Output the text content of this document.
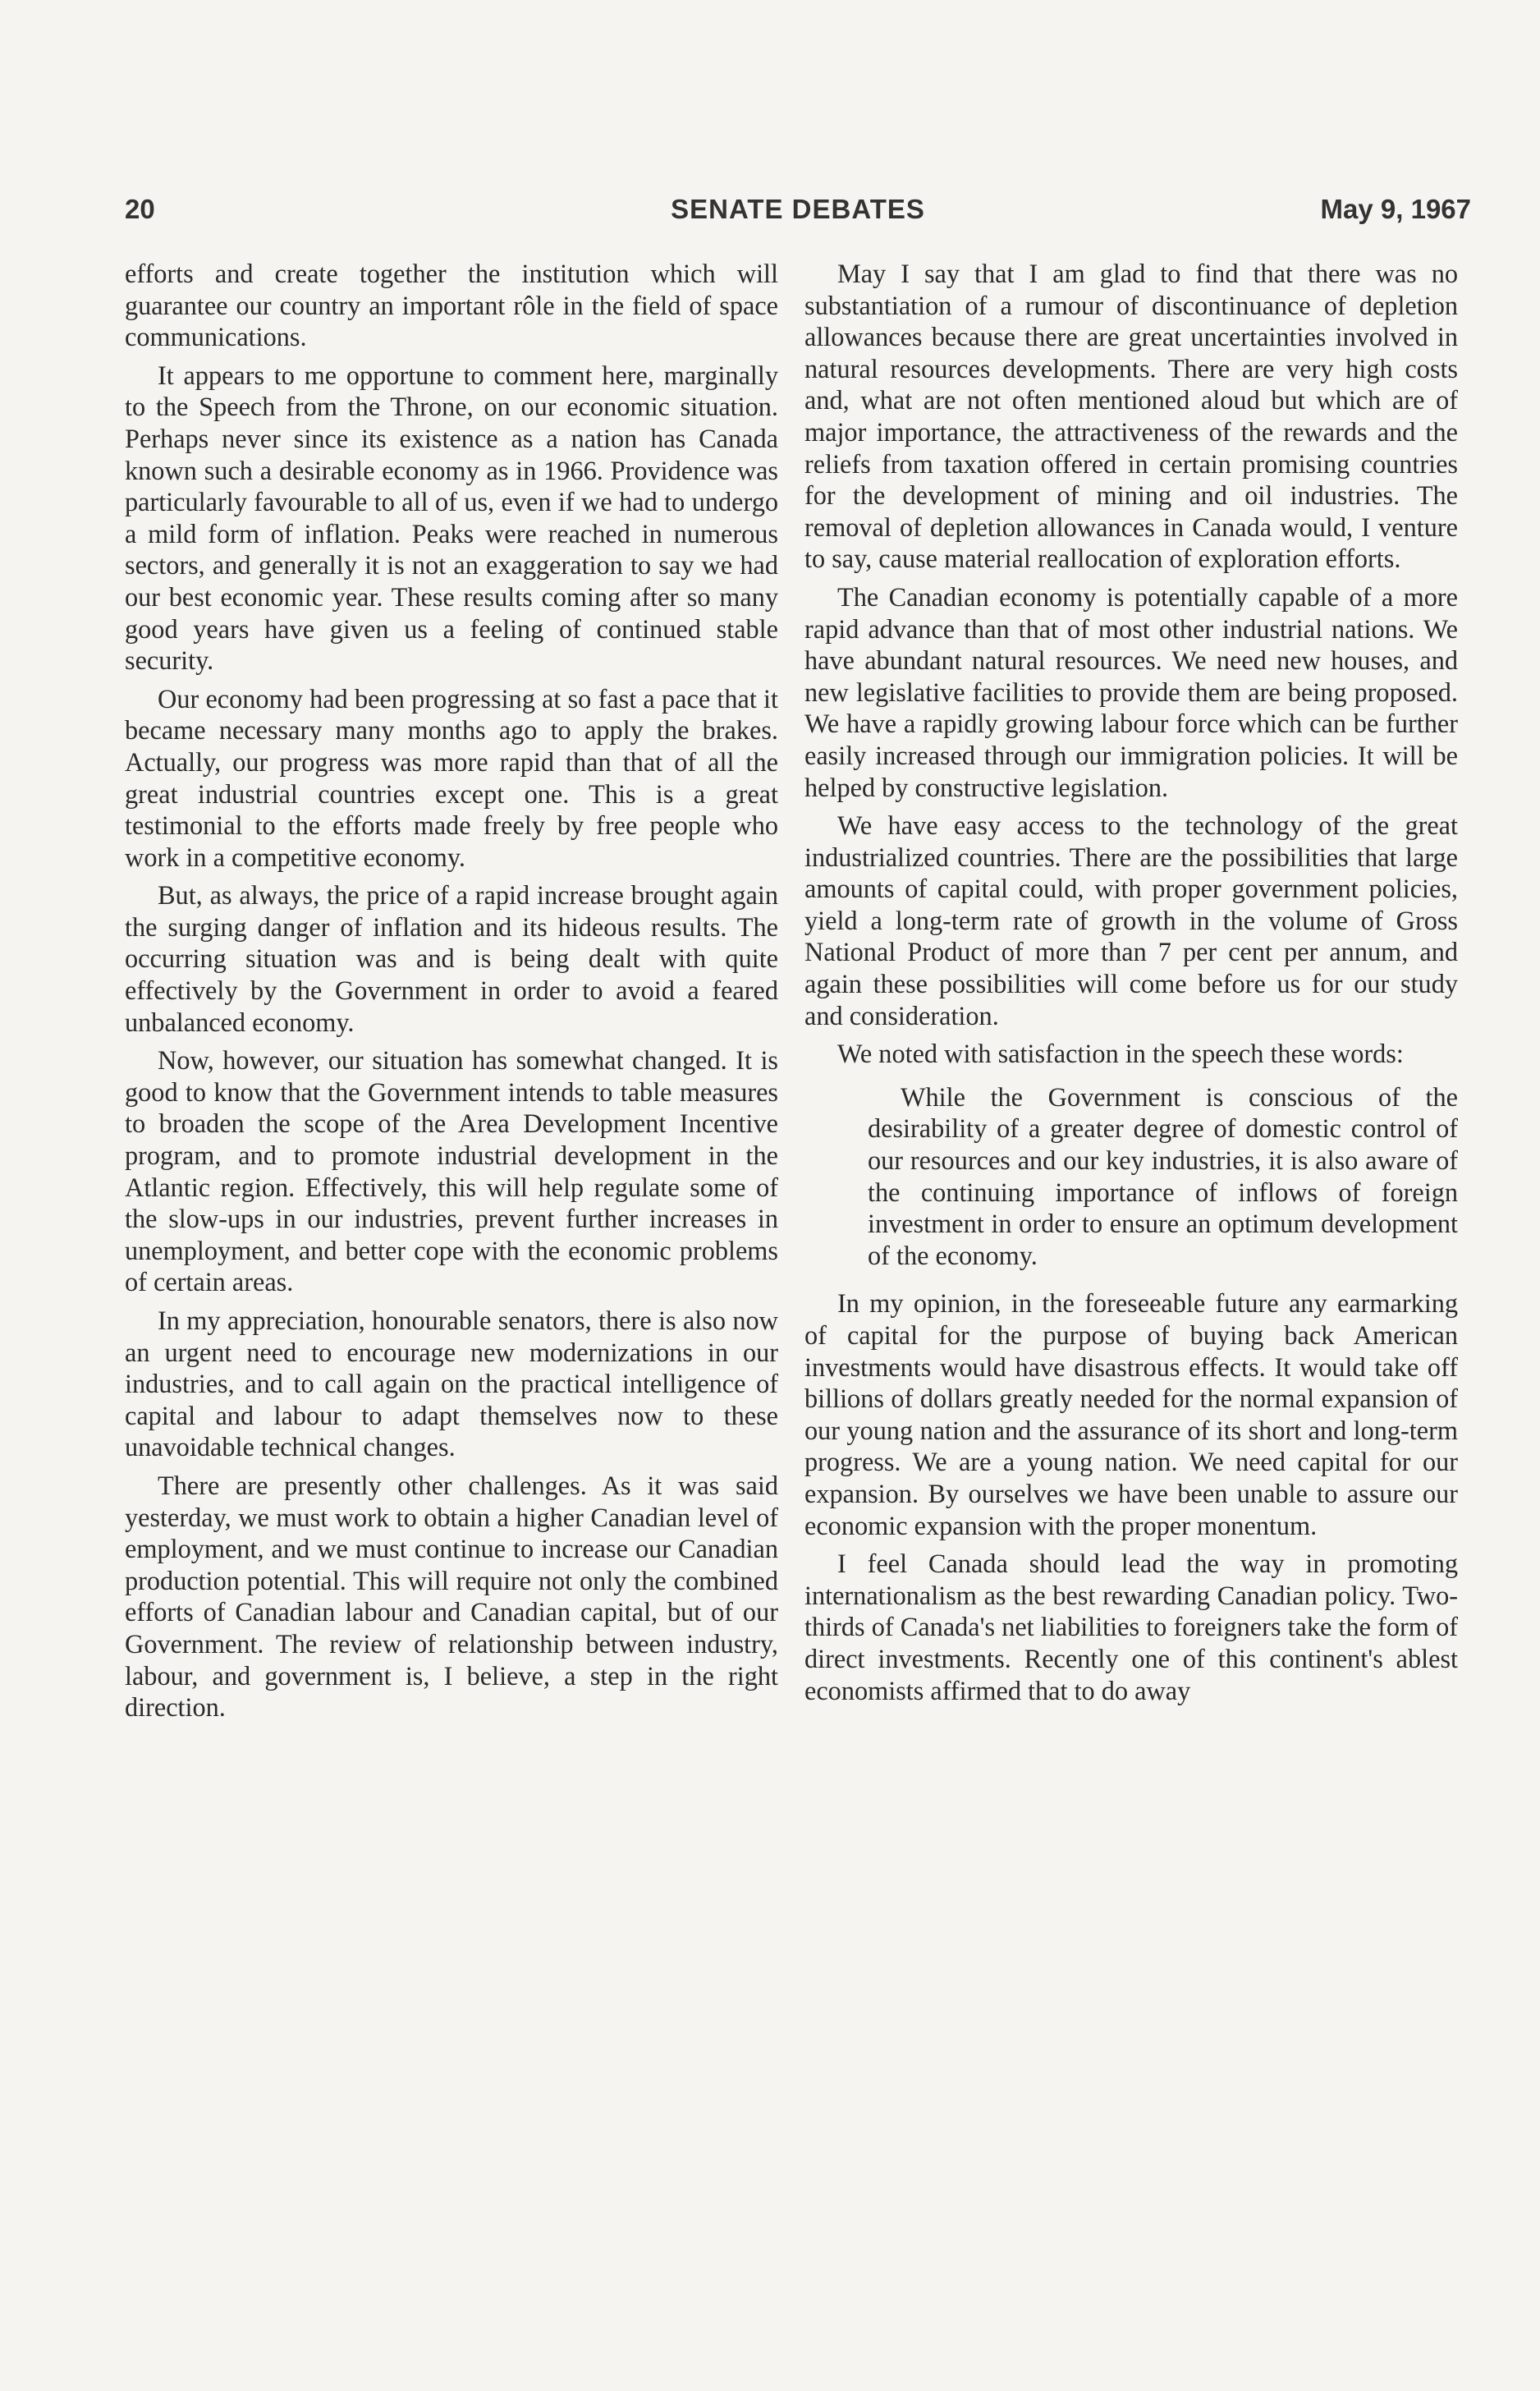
20	SENATE DEBATES	May 9, 1967

efforts and create together the institution which will guarantee our country an important rôle in the field of space communications.

It appears to me opportune to comment here, marginally to the Speech from the Throne, on our economic situation. Perhaps never since its existence as a nation has Canada known such a desirable economy as in 1966. Providence was particularly favourable to all of us, even if we had to undergo a mild form of inflation. Peaks were reached in numerous sectors, and generally it is not an exaggeration to say we had our best economic year. These results coming after so many good years have given us a feeling of continued stable security.

Our economy had been progressing at so fast a pace that it became necessary many months ago to apply the brakes. Actually, our progress was more rapid than that of all the great industrial countries except one. This is a great testimonial to the efforts made freely by free people who work in a competitive economy.

But, as always, the price of a rapid increase brought again the surging danger of inflation and its hideous results. The occurring situation was and is being dealt with quite effectively by the Government in order to avoid a feared unbalanced economy.

Now, however, our situation has somewhat changed. It is good to know that the Government intends to table measures to broaden the scope of the Area Development Incentive program, and to promote industrial development in the Atlantic region. Effectively, this will help regulate some of the slow-ups in our industries, prevent further increases in unemployment, and better cope with the economic problems of certain areas.

In my appreciation, honourable senators, there is also now an urgent need to encourage new modernizations in our industries, and to call again on the practical intelligence of capital and labour to adapt themselves now to these unavoidable technical changes.

There are presently other challenges. As it was said yesterday, we must work to obtain a higher Canadian level of employment, and we must continue to increase our Canadian production potential. This will require not only the combined efforts of Canadian labour and Canadian capital, but of our Government. The review of relationship between industry, labour, and government is, I believe, a step in the right direction.

May I say that I am glad to find that there was no substantiation of a rumour of discontinuance of depletion allowances because there are great uncertainties involved in natural resources developments. There are very high costs and, what are not often mentioned aloud but which are of major importance, the attractiveness of the rewards and the reliefs from taxation offered in certain promising countries for the development of mining and oil industries. The removal of depletion allowances in Canada would, I venture to say, cause material reallocation of exploration efforts.

The Canadian economy is potentially capable of a more rapid advance than that of most other industrial nations. We have abundant natural resources. We need new houses, and new legislative facilities to provide them are being proposed. We have a rapidly growing labour force which can be further easily increased through our immigration policies. It will be helped by constructive legislation.

We have easy access to the technology of the great industrialized countries. There are the possibilities that large amounts of capital could, with proper government policies, yield a long-term rate of growth in the volume of Gross National Product of more than 7 per cent per annum, and again these possibilities will come before us for our study and consideration.

We noted with satisfaction in the speech these words:

While the Government is conscious of the desirability of a greater degree of domestic control of our resources and our key industries, it is also aware of the continuing importance of inflows of foreign investment in order to ensure an optimum development of the economy.

In my opinion, in the foreseeable future any earmarking of capital for the purpose of buying back American investments would have disastrous effects. It would take off billions of dollars greatly needed for the normal expansion of our young nation and the assurance of its short and long-term progress. We are a young nation. We need capital for our expansion. By ourselves we have been unable to assure our economic expansion with the proper monentum.

I feel Canada should lead the way in promoting internationalism as the best rewarding Canadian policy. Two-thirds of Canada's net liabilities to foreigners take the form of direct investments. Recently one of this continent's ablest economists affirmed that to do away
